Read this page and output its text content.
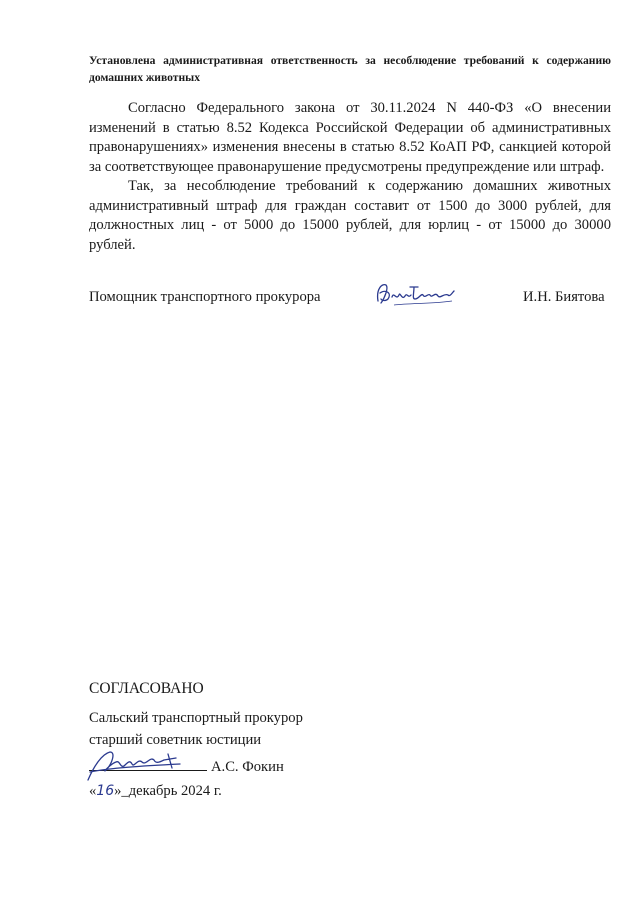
Установлена административная ответственность за несоблюдение требований к содержанию домашних животных

Согласно Федерального закона от 30.11.2024 N 440-ФЗ «О внесении изменений в статью 8.52 Кодекса Российской Федерации об административных правонарушениях» изменения внесены в статью 8.52 КоАП РФ, санкцией которой за соответствующее правонарушение предусмотрены предупреждение или штраф.

Так, за несоблюдение требований к содержанию домашних животных административный штраф для граждан составит от 1500 до 3000 рублей, для должностных лиц - от 5000 до 15000 рублей, для юрлиц - от 15000 до 30000 рублей.

Помощник транспортного прокурора	И.Н. Биятова
СОГЛАСОВАНО
Сальский транспортный прокурор
старший советник юстиции
А.С. Фокин
«16»_декабрь 2024 г.
